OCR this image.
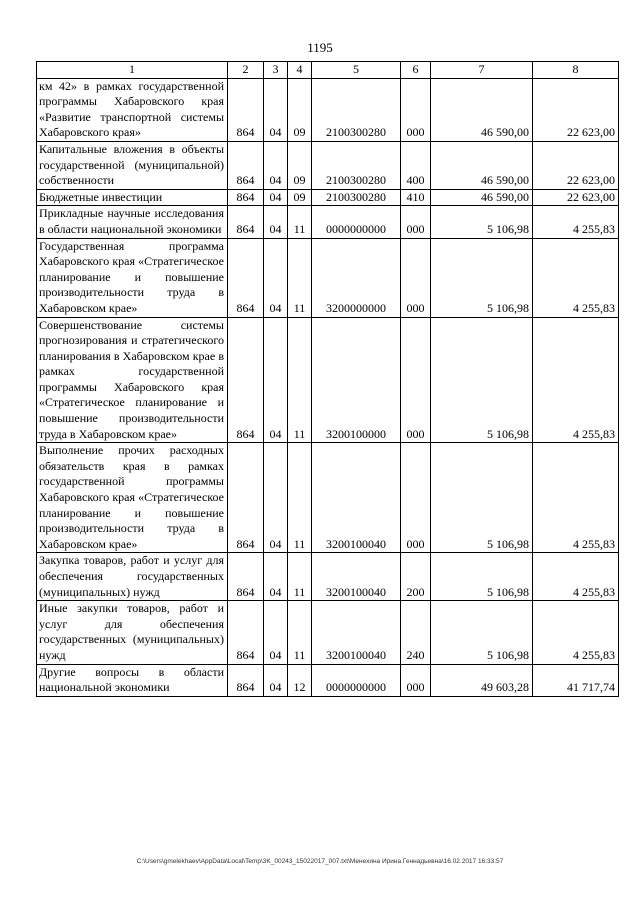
1195
1	2	3	4	5	6	7	8
км 42» в рамках государственной программы Хабаровского края «Развитие транспортной системы Хабаровского края»	864	04	09	2100300280	000	46 590,00	22 623,00
Капитальные вложения в объекты государственной (муниципальной) собственности	864	04	09	2100300280	400	46 590,00	22 623,00
Бюджетные инвестиции	864	04	09	2100300280	410	46 590,00	22 623,00
Прикладные научные исследования в области национальной экономики	864	04	11	0000000000	000	5 106,98	4 255,83
Государственная программа Хабаровского края «Стратегическое планирование и повышение производительности труда в Хабаровском крае»	864	04	11	3200000000	000	5 106,98	4 255,83
Совершенствование системы прогнозирования и стратегического планирования в Хабаровском крае в рамках государственной программы Хабаровского края «Стратегическое планирование и повышение производительности труда в Хабаровском крае»	864	04	11	3200100000	000	5 106,98	4 255,83
Выполнение прочих расходных обязательств края в рамках государственной программы Хабаровского края «Стратегическое планирование и повышение производительности труда в Хабаровском крае»	864	04	11	3200100040	000	5 106,98	4 255,83
Закупка товаров, работ и услуг для обеспечения государственных (муниципальных) нужд	864	04	11	3200100040	200	5 106,98	4 255,83
Иные закупки товаров, работ и услуг для обеспечения государственных (муниципальных) нужд	864	04	11	3200100040	240	5 106,98	4 255,83
Другие вопросы в области национальной экономики	864	04	12	0000000000	000	49 603,28	41 717,74
C:\Users\gmelekhaev\AppData\Local\Temp\3K_00243_15022017_007.txt\Менехина Ирина Геннадьевна\16.02.2017 16:33:57
